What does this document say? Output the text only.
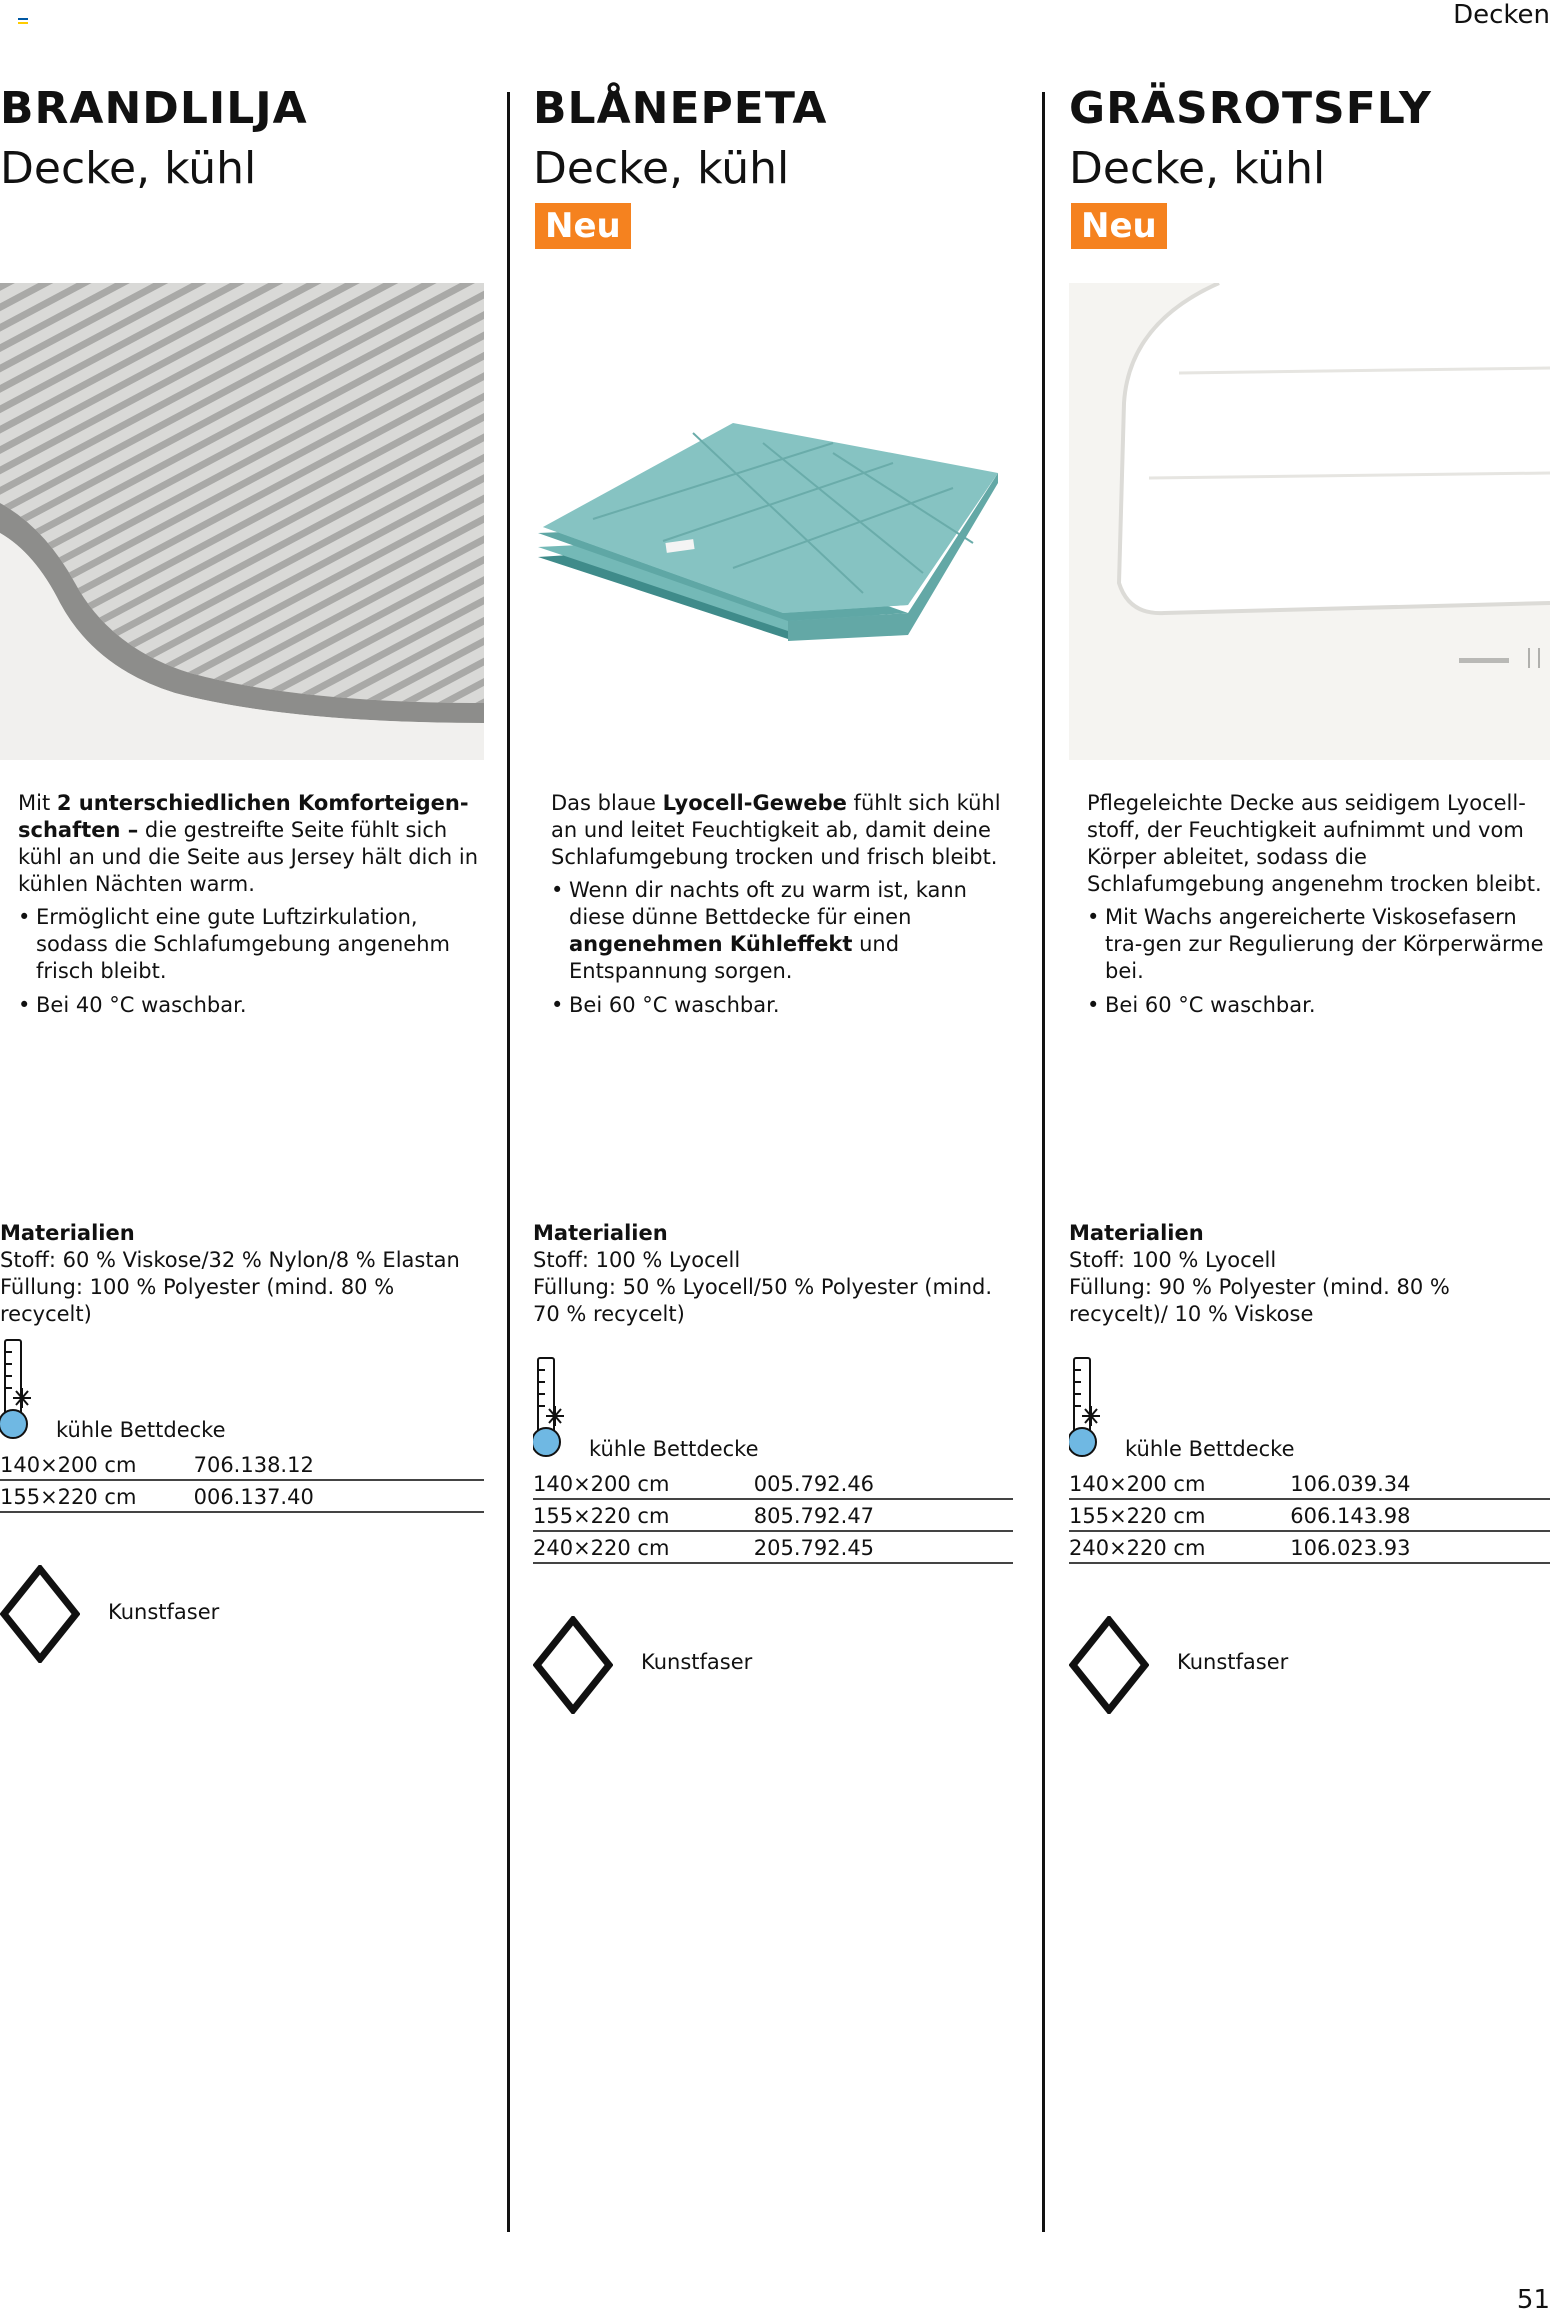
Decken
51
BRANDLILJA
Decke, kühl

Mit 2 unterschiedlichen Komforteigen-schaften – die gestreifte Seite fühlt sich kühl an und die Seite aus Jersey hält dich in kühlen Nächten warm.

• Ermöglicht eine gute Luftzirkulation, sodass die Schlafumgebung angenehm frisch bleibt.
• Bei 40 °C waschbar.
Materialien
Stoff: 60 % Viskose/32 % Nylon/8 % Elastan
Füllung: 100 % Polyester (mind. 80 % recycelt)
kühle Bettdecke
140×200 cm	706.138.12
155×220 cm	006.137.40
Kunstfaser
BLÅNEPETA
Decke, kühl
Neu

Das blaue Lyocell-Gewebe fühlt sich kühl an und leitet Feuchtigkeit ab, damit deine Schlafumgebung trocken und frisch bleibt.

• Wenn dir nachts oft zu warm ist, kann diese dünne Bettdecke für einen angenehmen Kühleffekt und Entspannung sorgen.
• Bei 60 °C waschbar.
Materialien
Stoff: 100 % Lyocell
Füllung: 50 % Lyocell/50 % Polyester (mind. 70 % recycelt)
kühle Bettdecke
140×200 cm	005.792.46
155×220 cm	805.792.47
240×220 cm	205.792.45
Kunstfaser
GRÄSROTSFLY
Decke, kühl
Neu

Pflegeleichte Decke aus seidigem Lyocell-stoff, der Feuchtigkeit aufnimmt und vom Körper ableitet, sodass die Schlafumgebung angenehm trocken bleibt.

• Mit Wachs angereicherte Viskosefasern tra-gen zur Regulierung der Körperwärme bei.
• Bei 60 °C waschbar.
Materialien
Stoff: 100 % Lyocell
Füllung: 90 % Polyester (mind. 80 % recycelt)/ 10 % Viskose
kühle Bettdecke
140×200 cm	106.039.34
155×220 cm	606.143.98
240×220 cm	106.023.93
Kunstfaser
